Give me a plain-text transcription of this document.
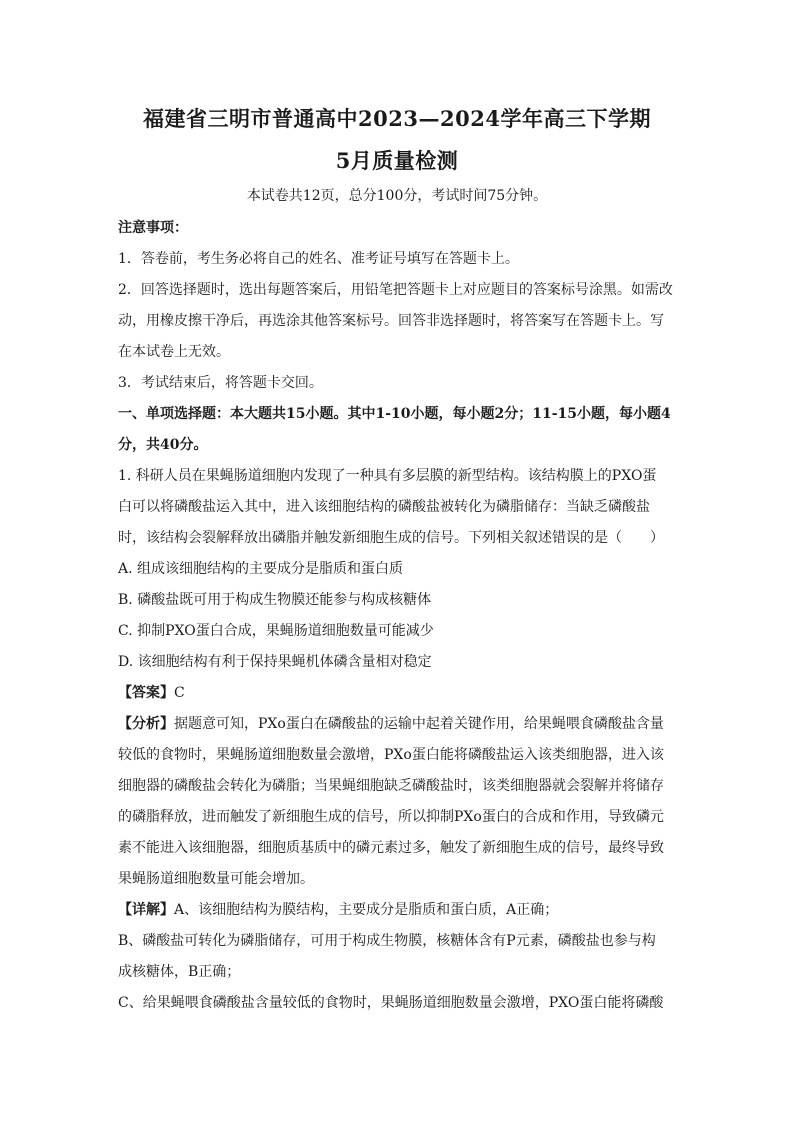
福建省三明市普通高中2023—2024学年高三下学期
5月质量检测
本试卷共12页，总分100分，考试时间75分钟。
注意事项：
1．答卷前，考生务必将自己的姓名、准考证号填写在答题卡上。
2．回答选择题时，选出每题答案后，用铅笔把答题卡上对应题目的答案标号涂黑。如需改
动，用橡皮擦干净后，再选涂其他答案标号。回答非选择题时，将答案写在答题卡上。写
在本试卷上无效。
3．考试结束后，将答题卡交回。
一、单项选择题：本大题共15小题。其中1-10小题，每小题2分；11-15小题，每小题4
分，共40分。
1. 科研人员在果蝇肠道细胞内发现了一种具有多层膜的新型结构。该结构膜上的PXO蛋
白可以将磷酸盐运入其中，进入该细胞结构的磷酸盐被转化为磷脂储存：当缺乏磷酸盐
时，该结构会裂解释放出磷脂并触发新细胞生成的信号。下列相关叙述错误的是（　　）
A. 组成该细胞结构的主要成分是脂质和蛋白质
B. 磷酸盐既可用于构成生物膜还能参与构成核糖体
C. 抑制PXO蛋白合成，果蝇肠道细胞数量可能减少
D. 该细胞结构有利于保持果蝇机体磷含量相对稳定
【答案】C
【分析】据题意可知，PXo蛋白在磷酸盐的运输中起着关键作用，给果蝇喂食磷酸盐含量
较低的食物时，果蝇肠道细胞数量会激增，PXo蛋白能将磷酸盐运入该类细胞器，进入该
细胞器的磷酸盐会转化为磷脂；当果蝇细胞缺乏磷酸盐时，该类细胞器就会裂解并将储存
的磷脂释放，进而触发了新细胞生成的信号，所以抑制PXo蛋白的合成和作用，导致磷元
素不能进入该细胞器，细胞质基质中的磷元素过多，触发了新细胞生成的信号，最终导致
果蝇肠道细胞数量可能会增加。
【详解】A、该细胞结构为膜结构，主要成分是脂质和蛋白质，A正确；
B、磷酸盐可转化为磷脂储存，可用于构成生物膜，核糖体含有P元素，磷酸盐也参与构
成核糖体，B正确；
C、给果蝇喂食磷酸盐含量较低的食物时，果蝇肠道细胞数量会激增，PXO蛋白能将磷酸
